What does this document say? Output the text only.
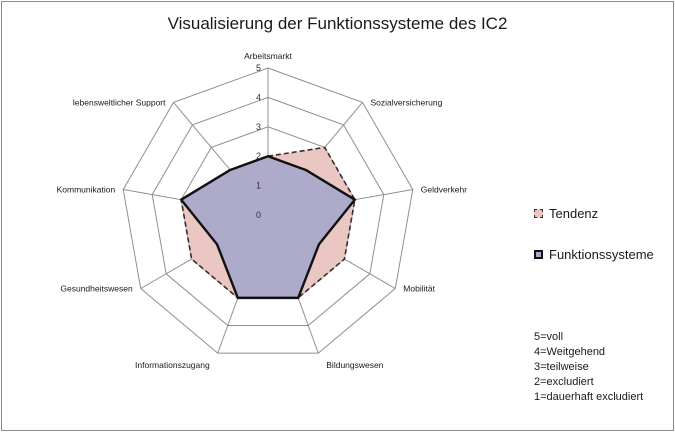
Visualisierung der Funktionssysteme des IC2
0
1
2
3
4
5
Arbeitsmarkt
Sozialversicherung
Geldverkehr
Mobilität
Bildungswesen
Informationszugang
Gesundheitswesen
Kommunikation
lebensweltlicher Support
Tendenz
Funktionssysteme
5=voll
4=Weitgehend
3=teilweise
2=excludiert
1=dauerhaft excludiert
